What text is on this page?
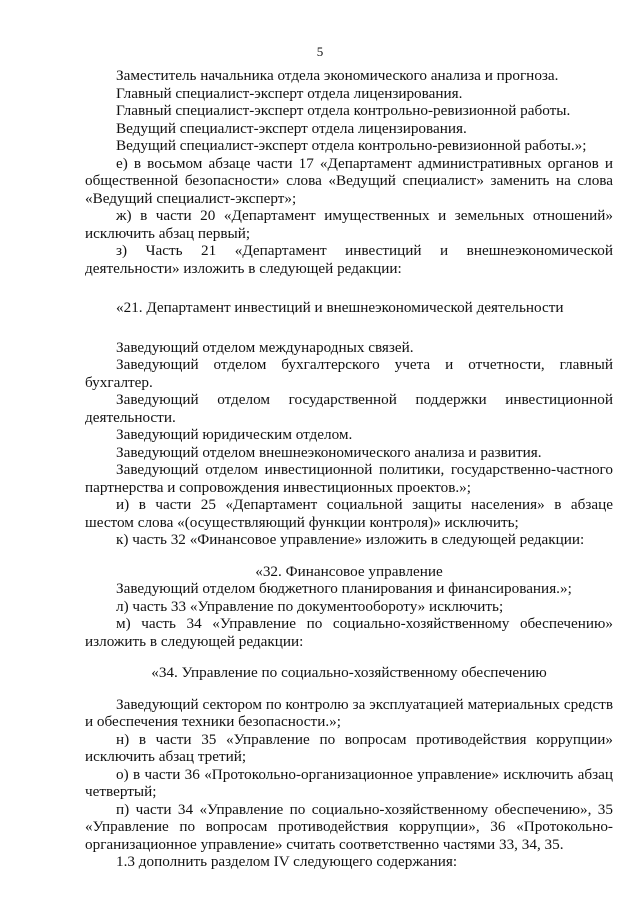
5

Заместитель начальника отдела экономического анализа и прогноза.

Главный специалист-эксперт отдела лицензирования.

Главный специалист-эксперт отдела контрольно-ревизионной работы.

Ведущий специалист-эксперт отдела лицензирования.

Ведущий специалист-эксперт отдела контрольно-ревизионной работы.»;

е) в восьмом абзаце части 17 «Департамент административных органов и общественной безопасности» слова «Ведущий специалист» заменить на слова «Ведущий специалист-эксперт»;

ж) в части 20 «Департамент имущественных и земельных отношений» исключить абзац первый;

з) Часть 21 «Департамент инвестиций и внешнеэкономической деятельности» изложить в следующей редакции:

«21. Департамент инвестиций и внешнеэкономической деятельности

Заведующий отделом международных связей.

Заведующий отделом бухгалтерского учета и отчетности, главный бухгалтер.

Заведующий отделом государственной поддержки инвестиционной деятельности.

Заведующий юридическим отделом.

Заведующий отделом внешнеэкономического анализа и развития.

Заведующий отделом инвестиционной политики, государственно-частного партнерства и сопровождения инвестиционных проектов.»;

и) в части 25 «Департамент социальной защиты населения» в абзаце шестом слова «(осуществляющий функции контроля)» исключить;

к) часть 32 «Финансовое управление» изложить в следующей редакции:

«32. Финансовое управление

Заведующий отделом бюджетного планирования и финансирования.»;

л) часть 33 «Управление по документообороту» исключить;

м) часть 34 «Управление по социально-хозяйственному обеспечению» изложить в следующей редакции:

«34. Управление по социально-хозяйственному обеспечению

Заведующий сектором по контролю за эксплуатацией материальных средств и обеспечения техники безопасности.»;

н) в части 35 «Управление по вопросам противодействия коррупции» исключить абзац третий;

о) в части 36 «Протокольно-организационное управление» исключить абзац четвертый;

п) части 34 «Управление по социально-хозяйственному обеспечению», 35 «Управление по вопросам противодействия коррупции», 36 «Протокольно-организационное управление» считать соответственно частями 33, 34, 35.

1.3 дополнить разделом IV следующего содержания:
